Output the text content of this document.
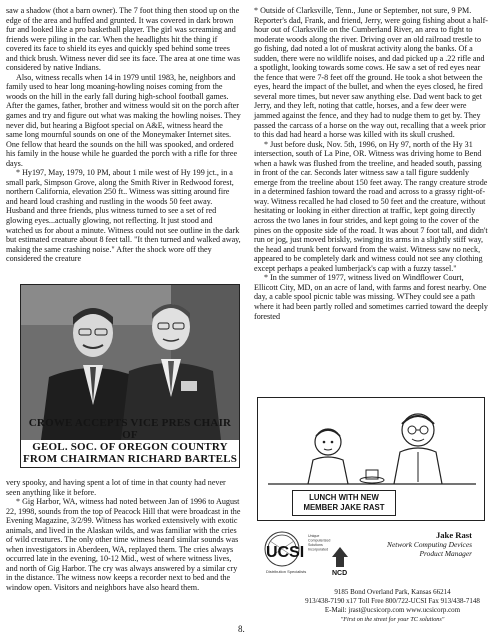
saw a shadow (thot a barn owner). The 7 foot thing then stood up on the edge of the area and huffed and grunted. It was covered in dark brown fur and looked like a pro basketball player. The girl was screaming and friends were piling in the car. When the headlights hit the thing if covered its face to shield its eyes and quickly sped behind some trees and thick brush. Witness never did see its face. The area at one time was considered by native Indians.

Also, witness recalls when 14 in 1979 until 1983, he, neighbors and family used to hear long moaning-howling noises coming from the woods on the hill in the early fall during high-school football games. After the games, father, brother and witness would sit on the porch after games and try and figure out what was making the howling noises. They never did, but hearing a Bigfoot special on A&E, witness heard the same long mournful sounds on one of the Moneymaker Internet sites. One fellow that heard the sounds on the hill was spooked, and ordered his family in the house while he guarded the porch with a rifle for three days.

* Hy197, May, 1979, 10 PM, about 1 mile west of Hy 199 jct., in a small park, Simpson Grove, along the Smith River in Redwood forest, northern California, elevation 250 ft.. Witness was sitting around fire and heard loud crashing and rustling in the woods 50 feet away. Husband and three friends, plus witness turned to see a set of red glowing eyes...actually glowing, not reflecting. It just stood and watched us for about a minute. Witness could not see outline in the dark but estimated creature about 8 feet tall. "It then turned and walked away, making the same crashing noise." After the shock wore off they considered the creature

CROWE ACCEPTS VICE PRES CHAIR OF
GEOL. SOC. OF OREGON COUNTRY
FROM CHAIRMAN RICHARD BARTELS

very spooky, and having spent a lot of time in that county had never seen anything like it before.

* Gig Harbor, WA, witness had noted between Jan of 1996 to August 22, 1998, sounds from the top of Peacock Hill that were broadcast in the Evening Magazine, 3/2/99. Witness has worked extensively with exotic animals, and lived in the Alaskan wilds, and was familiar with the cries of wild creatures. The only other time witness heard similar sounds was when investigators in Aberdeen, WA, replayed them. The cries always occurred late in the evening, 10-12 Mid., west of where witness lives, and north of Gig Harbor. The cry was always answered by a similar cry in the distance. The witness now keeps a recorder next to bed and the window open. Visitors and neighbors have also heard them.

* Outside of Clarksville, Tenn., June or September, not sure, 9 PM. Reporter's dad, Frank, and friend, Jerry, were going fishing about a half-hour out of Clarksville on the Cumberland River, an area to fight to moderate woods along the river. Driving over an old railroad trestle to go fishing, dad noted a lot of muskrat activity along the banks. Of a sudden, there were no wildlife noises, and dad picked up a .22 rifle and a spotlight, looking towards some cows. He saw a set of red eyes near the fence that were 7-8 feet off the ground. He took a shot between the eyes, heard the impact of the bullet, and when the eyes closed, he fired several more times, but never saw anything else. Dad went back to get Jerry, and they left, noting that cattle, horses, and a few deer were jammed against the fence, and they had to nudge them to get by. They passed the carcass of a horse on the way out, recalling that a week prior to this dad had heard a horse was killed with its skull crushed.

* Just before dusk, Nov. 5th, 1996, on Hy 97, north of the Hy 31 intersection, south of La Pine, OR. Witness was driving home to Bend when a hawk was flushed from the treeline, and headed south, passing in front of the car. Seconds later witness saw a tall figure suddenly emerge from the treeline about 150 feet away. The rangy creature strode in a determined fashion toward the road and across to a grassy right-of-way. Witness recalled he had closed to 50 feet and the creature, without hesitating or looking in either direction at traffic, kept going directly across the two lanes in four strides, and kept going to the cover of the pines on the opposite side of the road. It was about 7 foot tall, and didn't run or jog, just moved briskly, swinging its arms in a slightly stiff way, the head and trunk bent forward from the waist. Witness saw no neck, appeared to be completely dark and witness could not see any clothing except perhaps a peaked lumberjack's cap with a fuzzy tassel."

* In the summer of 1977, witness lived on Windflower Court, Ellicott City, MD, on an acre of land, with farms and forest nearby. One day, a cable spool picnic table was missing. WThey could see a path where it had been partly rolled and sometimes carried toward the deeply forested

LUNCH WITH NEW
MEMBER JAKE RAST
UCSI
Unique
Computerized
Solutions
Incorporated
Distribution Specialists	NCD
Jake Rast
Network Computing Devices
Product Manager
9185 Bond Overland Park, Kansas 66214
913/438-7190 x17 Toll Free 800/722-UCSI Fax 913/438-7148
E-Mail: jrast@ucsicorp.com www.ucsicorp.com
"First on the street for your TC solutions"
8.
